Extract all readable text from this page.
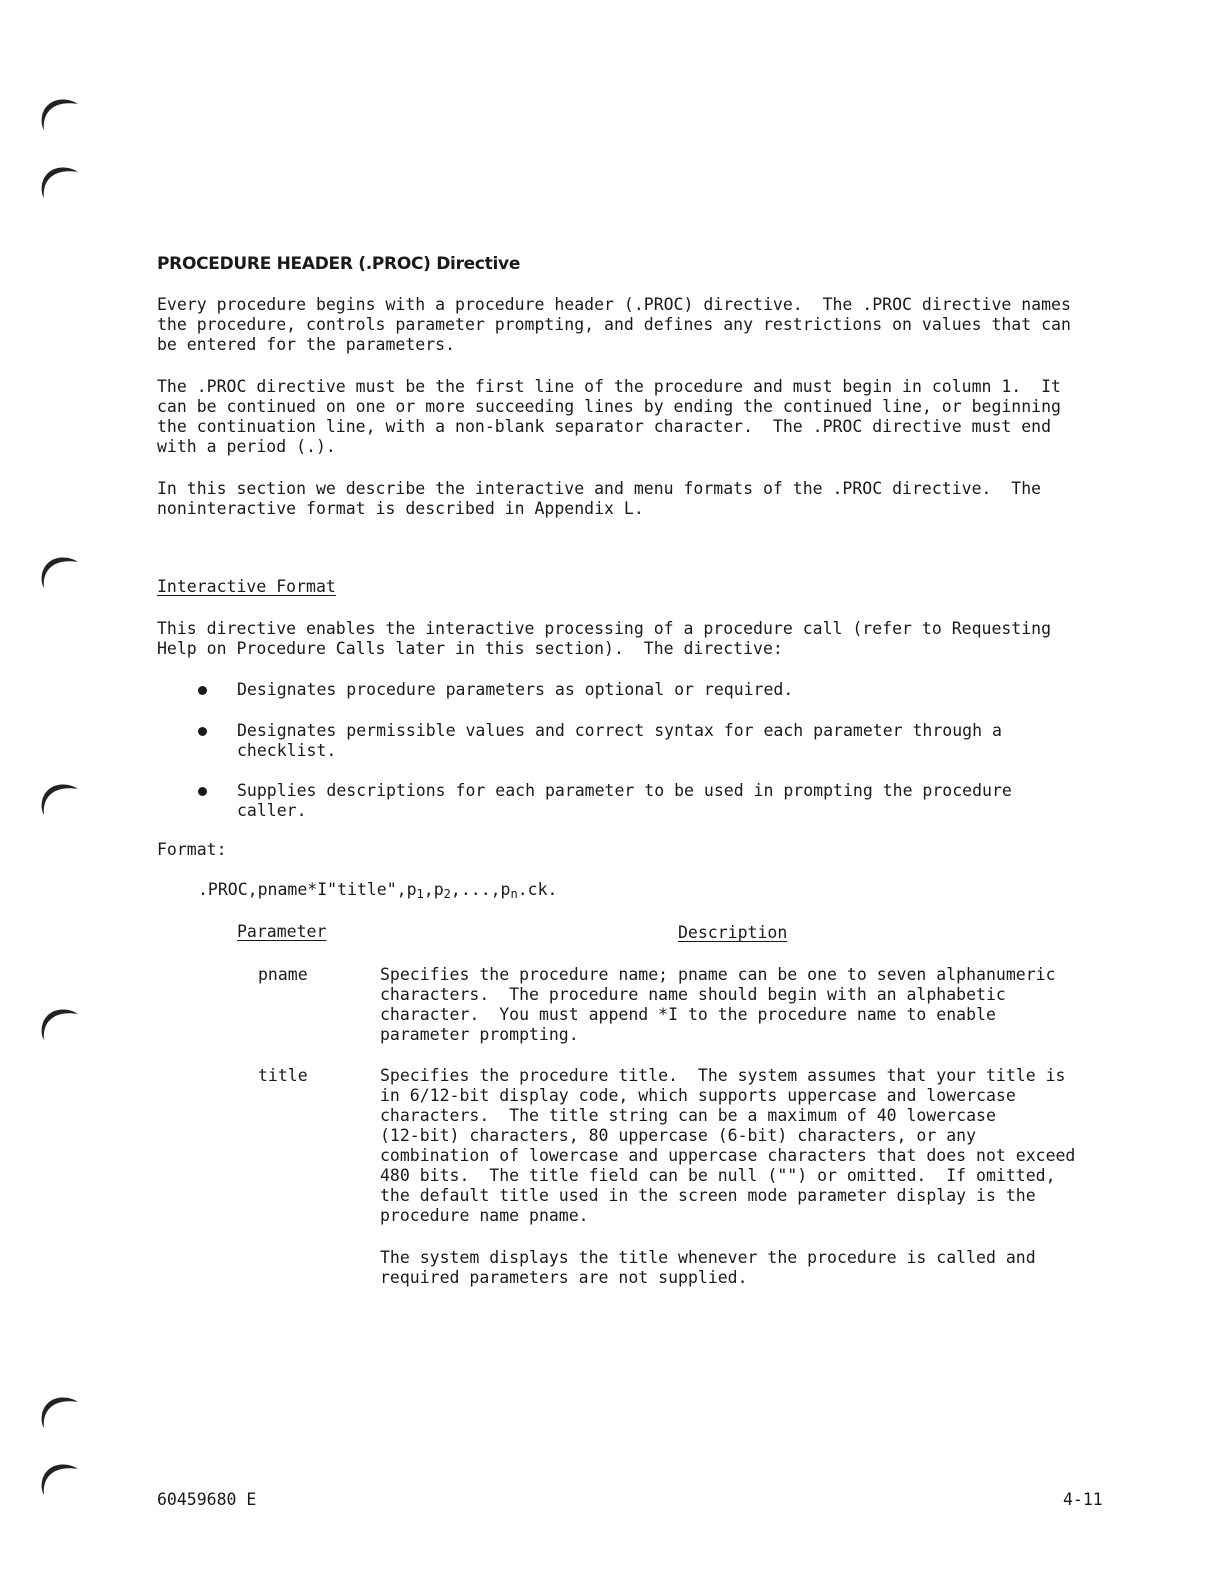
PROCEDURE HEADER (.PROC) Directive
Every procedure begins with a procedure header (.PROC) directive.  The .PROC directive names
the procedure, controls parameter prompting, and defines any restrictions on values that can
be entered for the parameters.
The .PROC directive must be the first line of the procedure and must begin in column 1.  It
can be continued on one or more succeeding lines by ending the continued line, or beginning
the continuation line, with a non-blank separator character.  The .PROC directive must end
with a period (.).
In this section we describe the interactive and menu formats of the .PROC directive.  The
noninteractive format is described in Appendix L.
Interactive Format
This directive enables the interactive processing of a procedure call (refer to Requesting
Help on Procedure Calls later in this section).  The directive:
Designates procedure parameters as optional or required.
Designates permissible values and correct syntax for each parameter through a
checklist.
Supplies descriptions for each parameter to be used in prompting the procedure
caller.
Format:
$.PROC,pname*I"title",p_1,p_2,...,p_n.ck$.
Parameter	Description
pname	Specifies the procedure name; pname can be one to seven alphanumeric
characters.  The procedure name should begin with an alphabetic
character.  You must append *I to the procedure name to enable
parameter prompting.
title	Specifies the procedure title.  The system assumes that your title is
in 6/12-bit display code, which supports uppercase and lowercase
characters.  The title string can be a maximum of 40 lowercase
(12-bit) characters, 80 uppercase (6-bit) characters, or any
combination of lowercase and uppercase characters that does not exceed
480 bits.  The title field can be null ("") or omitted.  If omitted,
the default title used in the screen mode parameter display is the
procedure name pname.
The system displays the title whenever the procedure is called and
required parameters are not supplied.
60459680 E	4-11
